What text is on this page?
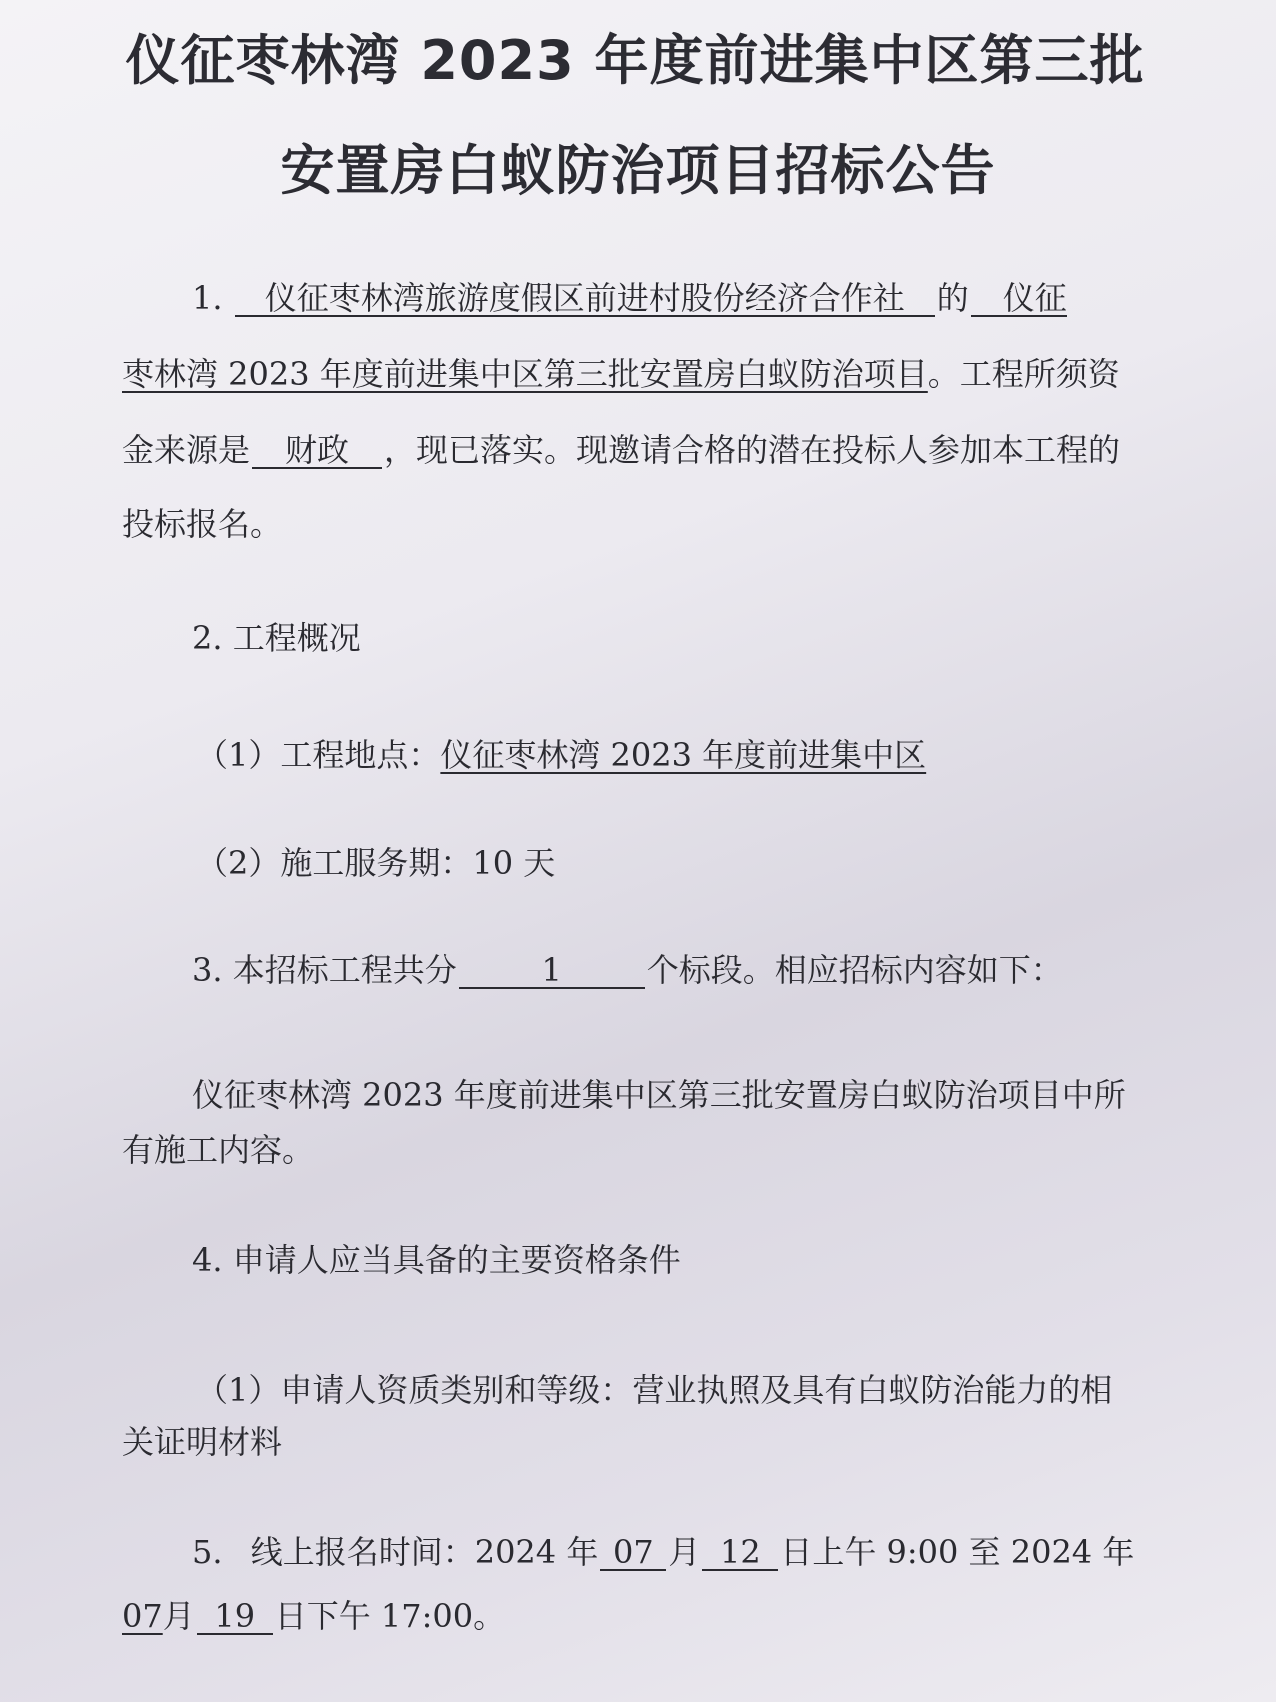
仪征枣林湾 2023 年度前进集中区第三批
安置房白蚁防治项目招标公告
1. 仪征枣林湾旅游度假区前进村股份经济合作社 的 仪征
枣林湾 2023 年度前进集中区第三批安置房白蚁防治项目。工程所须资
金来源是 财政 ，现已落实。现邀请合格的潜在投标人参加本工程的
投标报名。
2. 工程概况
（1）工程地点：仪征枣林湾 2023 年度前进集中区
（2）施工服务期：10 天
3. 本招标工程共分	1	个标段。相应招标内容如下：
仪征枣林湾 2023 年度前进集中区第三批安置房白蚁防治项目中所
有施工内容。
4. 申请人应当具备的主要资格条件
（1）申请人资质类别和等级：营业执照及具有白蚁防治能力的相
关证明材料
5. 线上报名时间：2024 年 07 月 12 日上午 9:00 至 2024 年
07月 19 日下午 17:00。
